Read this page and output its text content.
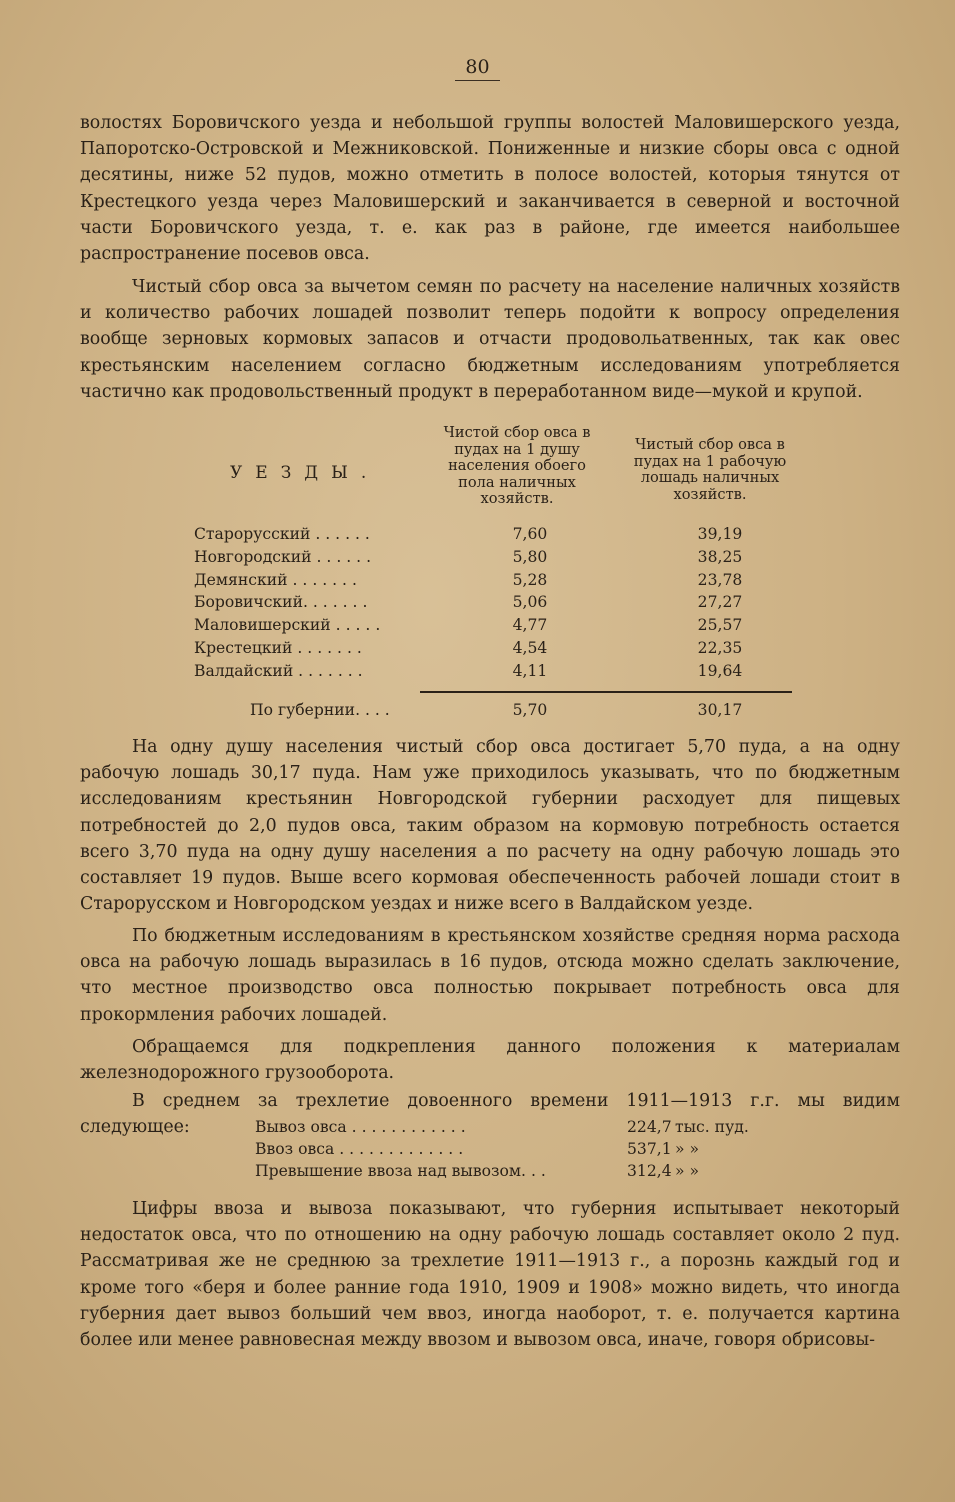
80

волостях Боровичского уезда и небольшой группы волостей Маловишерского уезда, Папоротско-Островской и Межниковской. Пониженные и низкие сборы овса с одной десятины, ниже 52 пудов, можно отметить в полосе волостей, которыя тянутся от Крестецкого уезда через Маловишерский и заканчивается в северной и восточной части Боровичского уезда, т. е. как раз в районе, где имеется наибольшее распространение посевов овса.

Чистый сбор овса за вычетом семян по расчету на население наличных хозяйств и количество рабочих лошадей позволит теперь подойти к вопросу определения вообще зерновых кормовых запасов и отчасти продовольатвенных, так как овес крестьянским населением согласно бюджетным исследованиям употребляется частично как продовольственный продукт в переработанном виде—мукой и крупой.

УЕЗДЫ.
Чистой сбор овса в пудах на 1 душу населения обоего пола наличных хозяйств.
Чистый сбор овса в пудах на 1 рабочую лошадь наличных хозяйств.
Старорусский . . . . . .	7,60	39,19
Новгородский . . . . . .	5,80	38,25
Демянский . . . . . . .	5,28	23,78
Боровичский. . . . . . .	5,06	27,27
Маловишерский . . . . .	4,77	25,57
Крестецкий . . . . . . .	4,54	22,35
Валдайский . . . . . . .	4,11	19,64
По губернии. . . .	5,70	30,17

На одну душу населения чистый сбор овса достигает 5,70 пуда, а на одну рабочую лошадь 30,17 пуда. Нам уже приходилось указывать, что по бюджетным исследованиям крестьянин Новгородской губернии расходует для пищевых потребностей до 2,0 пудов овса, таким образом на кормовую потребность остается всего 3,70 пуда на одну душу населения а по расчету на одну рабочую лошадь это составляет 19 пудов. Выше всего кормовая обеспеченность рабочей лошади стоит в Старорусском и Новгородском уездах и ниже всего в Валдайском уезде.

По бюджетным исследованиям в крестьянском хозяйстве средняя норма расхода овса на рабочую лошадь выразилась в 16 пудов, отсюда можно сделать заключение, что местное производство овса полностью покрывает потребность овса для прокормления рабочих лошадей.

Обращаемся для подкрепления данного положения к материалам железнодорожного грузооборота.

В среднем за трехлетие довоенного времени 1911—1913 г.г. мы видим следующее:	Вывоз овса . . . . . . . . . . . .	224,7 тыс. пуд.
Ввоз овса . . . . . . . . . . . . .	537,1 » »
Превышение ввоза над вывозом. . .	312,4 » »

Цифры ввоза и вывоза показывают, что губерния испытывает некоторый недостаток овса, что по отношению на одну рабочую лошадь составляет около 2 пуд. Рассматривая же не среднюю за трехлетие 1911—1913 г., а порознь каждый год и кроме того «беря и более ранние года 1910, 1909 и 1908» можно видеть, что иногда губерния дает вывоз больший чем ввоз, иногда наоборот, т. е. получается картина более или менее равновесная между ввозом и вывозом овса, иначе, говоря обрисовы-
